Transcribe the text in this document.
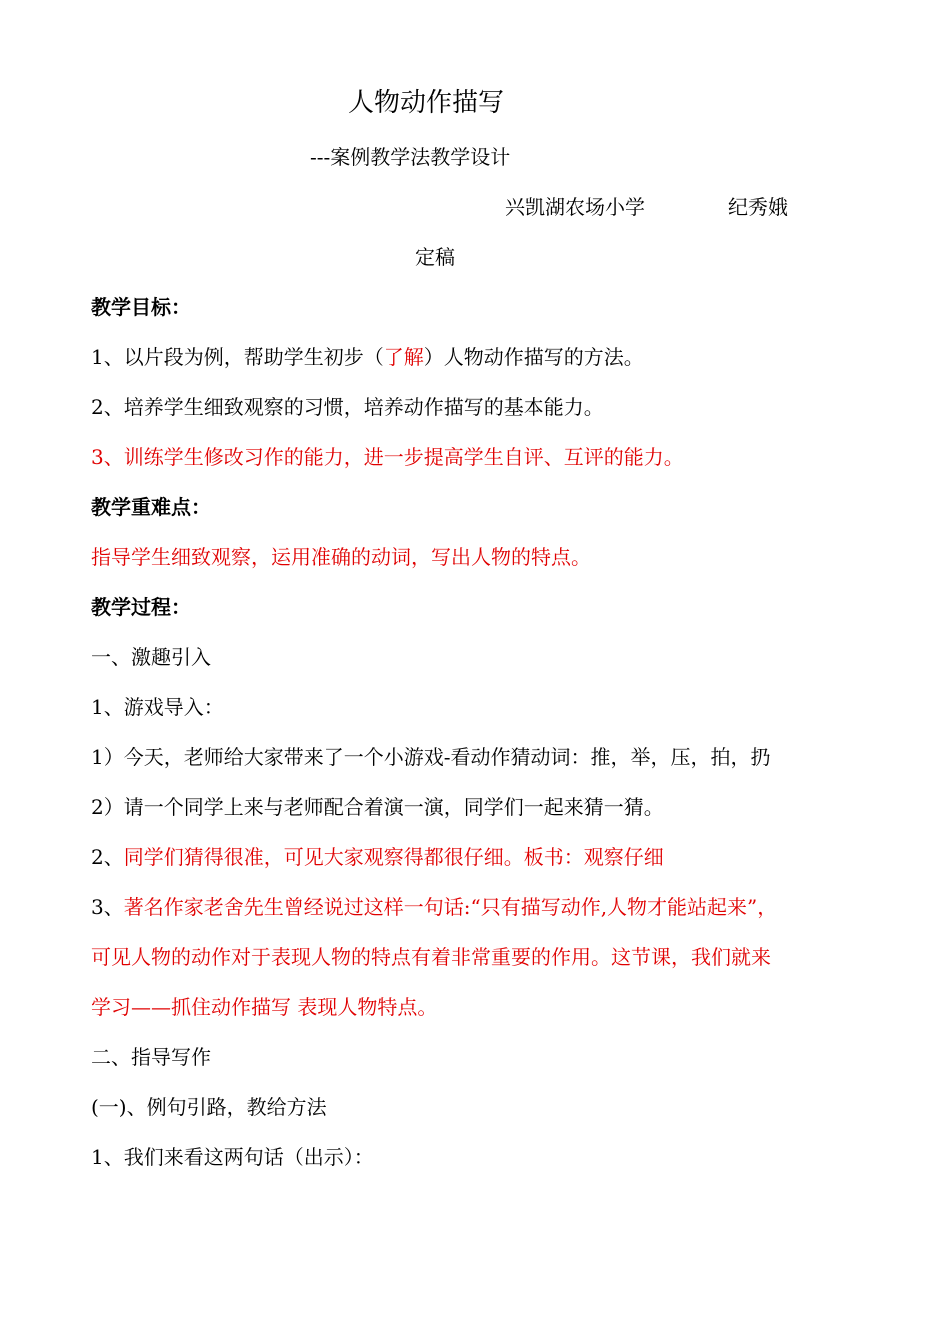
人物动作描写
---案例教学法教学设计
兴凯湖农场小学	纪秀娥
定稿
教学目标：
1、以片段为例，帮助学生初步（了解）人物动作描写的方法。
2、培养学生细致观察的习惯，培养动作描写的基本能力。
3、训练学生修改习作的能力，进一步提高学生自评、互评的能力。
教学重难点：
指导学生细致观察，运用准确的动词，写出人物的特点。
教学过程：
一、激趣引入
1、游戏导入：
1）今天，老师给大家带来了一个小游戏-看动作猜动词：推，举，压，拍，扔
2）请一个同学上来与老师配合着演一演，同学们一起来猜一猜。
2、同学们猜得很准，可见大家观察得都很仔细。板书：观察仔细
3、著名作家老舍先生曾经说过这样一句话:“只有描写动作,人物才能站起来”，
可见人物的动作对于表现人物的特点有着非常重要的作用。这节课，我们就来
学习——抓住动作描写 表现人物特点。
二、指导写作
(一)、例句引路，教给方法
1、我们来看这两句话（出示）：
